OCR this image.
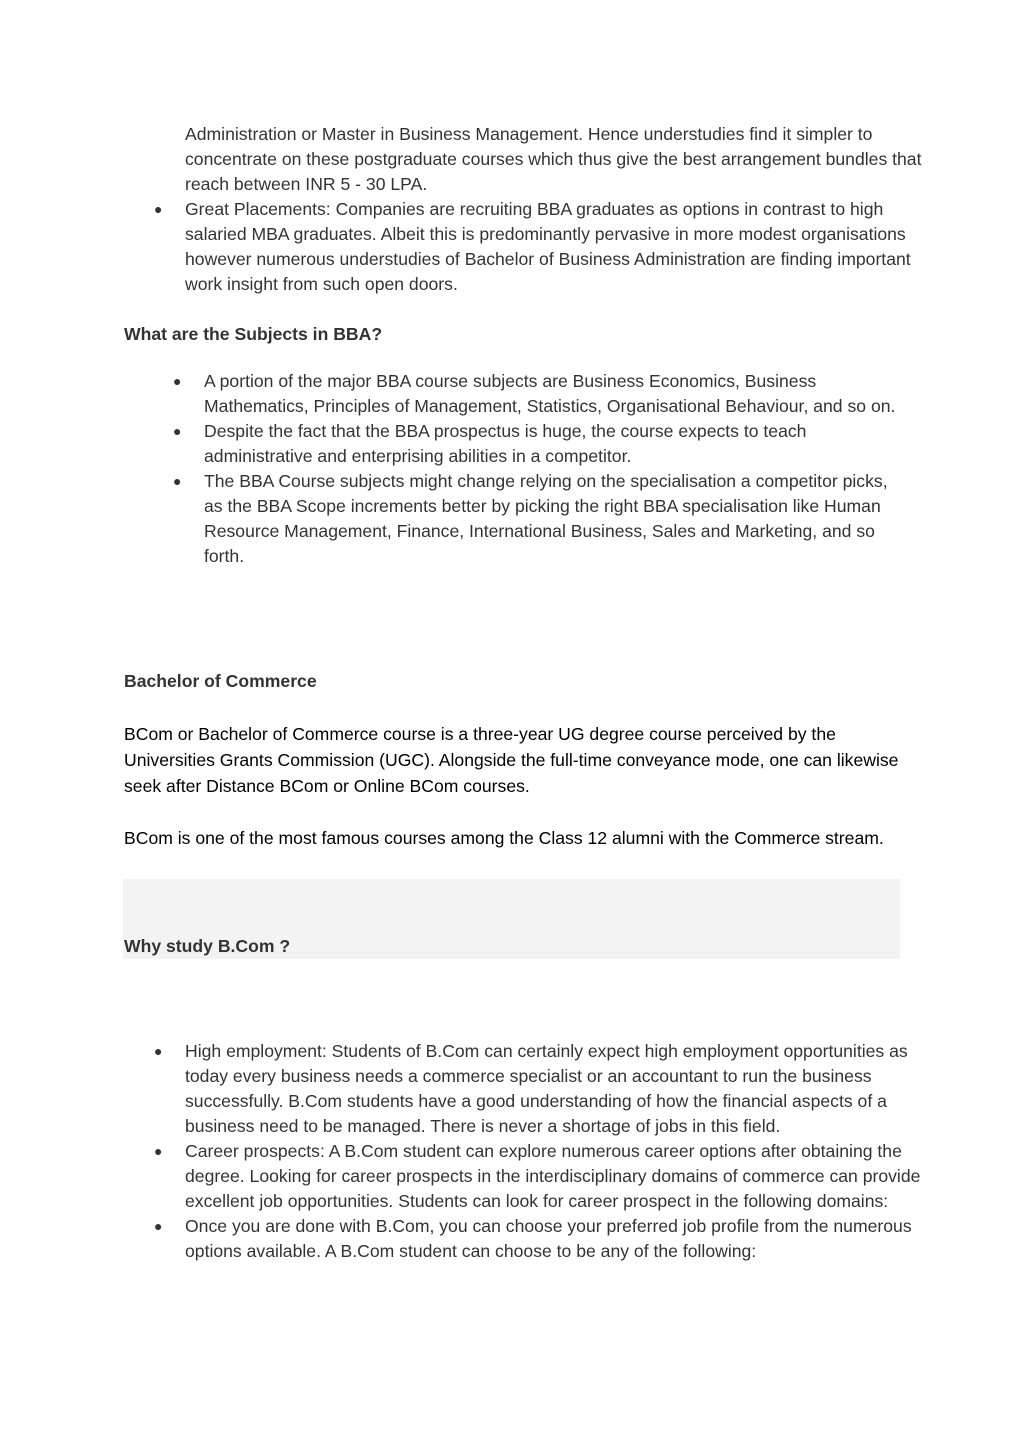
Administration or Master in Business Management. Hence understudies find it simpler to concentrate on these postgraduate courses which thus give the best arrangement bundles that reach between INR 5 - 30 LPA.

● Great Placements: Companies are recruiting BBA graduates as options in contrast to high salaried MBA graduates. Albeit this is predominantly pervasive in more modest organisations however numerous understudies of Bachelor of Business Administration are finding important work insight from such open doors.
What are the Subjects in BBA?
● A portion of the major BBA course subjects are Business Economics, Business Mathematics, Principles of Management, Statistics, Organisational Behaviour, and so on.
● Despite the fact that the BBA prospectus is huge, the course expects to teach administrative and enterprising abilities in a competitor.
● The BBA Course subjects might change relying on the specialisation a competitor picks, as the BBA Scope increments better by picking the right BBA specialisation like Human Resource Management, Finance, International Business, Sales and Marketing, and so forth.
Bachelor of Commerce

BCom or Bachelor of Commerce course is a three-year UG degree course perceived by the Universities Grants Commission (UGC). Alongside the full-time conveyance mode, one can likewise seek after Distance BCom or Online BCom courses.

BCom is one of the most famous courses among the Class 12 alumni with the Commerce stream.

Why study B.Com ?
● High employment: Students of B.Com can certainly expect high employment opportunities as today every business needs a commerce specialist or an accountant to run the business successfully. B.Com students have a good understanding of how the financial aspects of a business need to be managed. There is never a shortage of jobs in this field.
● Career prospects: A B.Com student can explore numerous career options after obtaining the degree. Looking for career prospects in the interdisciplinary domains of commerce can provide excellent job opportunities. Students can look for career prospect in the following domains:
● Once you are done with B.Com, you can choose your preferred job profile from the numerous options available. A B.Com student can choose to be any of the following:
